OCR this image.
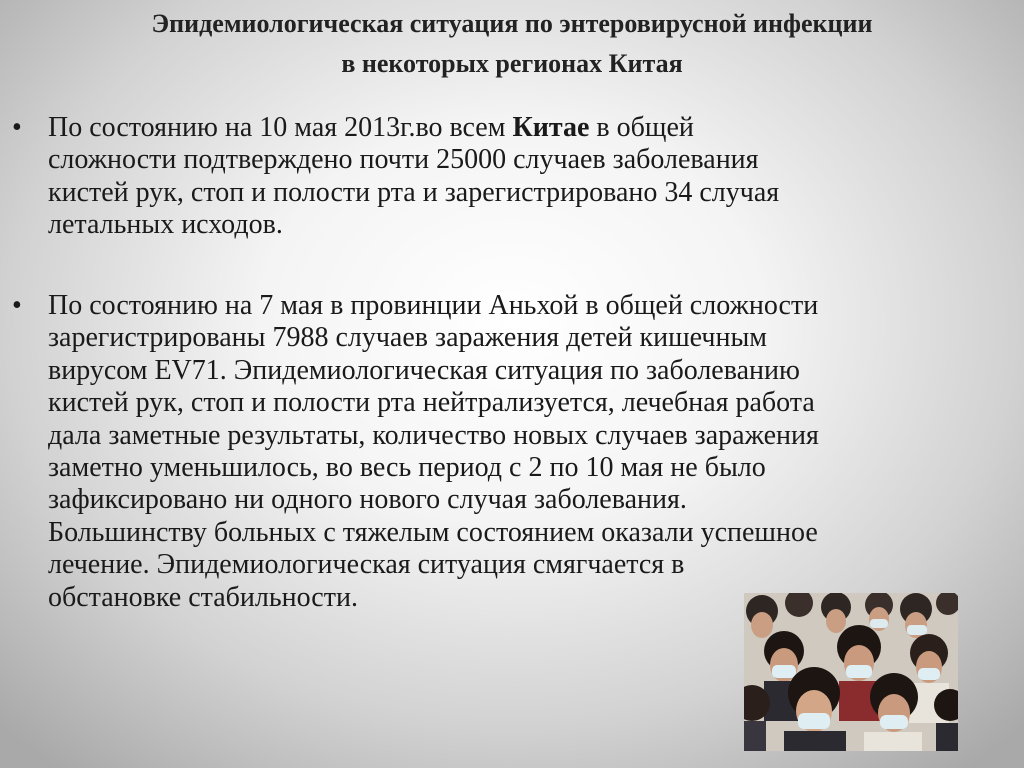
Эпидемиологическая ситуация по энтеровирусной инфекции
в некоторых регионах Китая
• По состоянию на 10 мая 2013г.во всем Китае в общей
сложности подтверждено почти 25000 случаев заболевания
кистей рук, стоп и полости рта и зарегистрировано 34 случая
летальных исходов.
• По состоянию на 7 мая в провинции Аньхой в общей сложности
зарегистрированы 7988 случаев заражения детей кишечным
вирусом EV71. Эпидемиологическая ситуация по заболеванию
кистей рук, стоп и полости рта нейтрализуется, лечебная работа
дала заметные результаты, количество новых случаев заражения
заметно уменьшилось, во весь период с 2 по 10 мая не было
зафиксировано ни одного нового случая заболевания.
Большинству больных с тяжелым состоянием оказали успешное
лечение. Эпидемиологическая ситуация смягчается в
обстановке стабильности.
